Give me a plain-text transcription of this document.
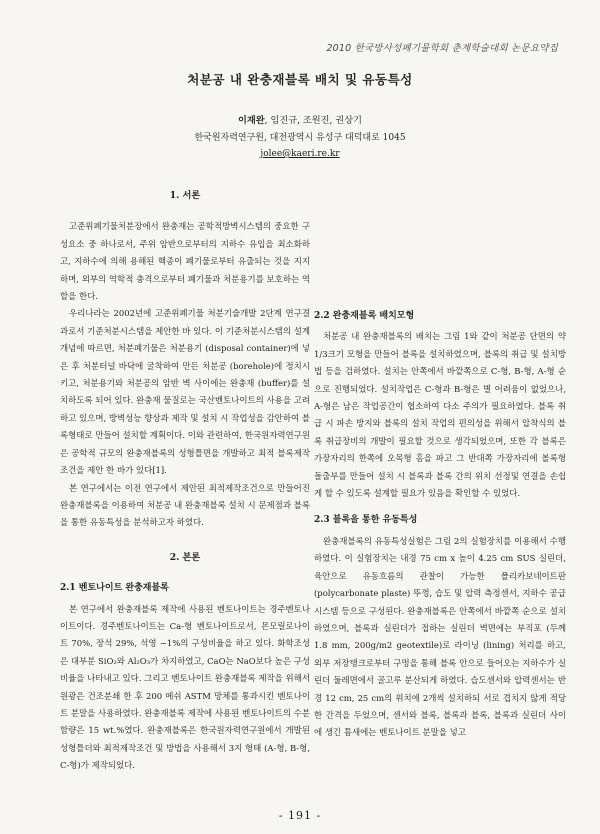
2010 한국방사성폐기물학회 춘계학술대회 논문요약집
처분공 내 완충재블록 배치 및 유동특성
이재완, 임진규, 조원진, 권상기
한국원자력연구원, 대전광역시 유성구 대덕대로 1045
jolee@kaeri.re.kr
1. 서론

고준위폐기물처분장에서 완충재는 공학적방벽시스템의 중요한 구성요소 중 하나로서, 주위 암반으로부터의 지하수 유입을 최소화하고, 지하수에 의해 용해된 핵종이 폐기물로부터 유출되는 것을 지지하며, 외부의 역학적 충격으로부터 폐기물과 처분용기를 보호하는 역할을 한다.

우리나라는 2002년에 고준위폐기물 처분기술개발 2단계 연구결과로서 기준처분시스템을 제안한 바 있다. 이 기준처분시스템의 설계개념에 따르면, 처분폐기물은 처분용기 (disposal container)에 넣은 후 처분터널 바닥에 굴착하여 만든 처분공 (borehole)에 정치시키고, 처분용기와 처분공의 암반 벽 사이에는 완충재 (buffer)를 설치하도록 되어 있다. 완충재 물질로는 국산벤토나이트의 사용을 고려하고 있으며, 방벽성능 향상과 제작 및 설치 시 작업성을 감안하여 블록형태로 만들어 설치할 계획이다. 이와 관련하여, 한국원자력연구원은 공학적 규모의 완충재블록의 성형틀면을 개발하고 최적 블록제작조건을 제안 한 바가 있다[1].

본 연구에서는 이전 연구에서 제안된 최적제작조건으로 만들어진 완충재블록을 이용하여 처분공 내 완충재블록 설치 시 문제점과 블록을 통한 유동특성을 분석하고자 하였다.

2. 본론
2.1 벤토나이트 완충재블록

본 연구에서 완충재블록 제작에 사용된 벤토나이트는 경주벤토나이트이다. 경주벤토나이트는 Ca-형 벤토나이트로서, 몬모릴로나이트 70%, 장석 29%, 석영 ~1%의 구성비율을 하고 있다. 화학조성은 대부분 SiO₂와 Al₂O₃가 차지하였고, CaO는 NaO보다 높은 구성비율을 나타내고 있다. 그리고 벤토나이트 완충재블록 제작을 위해서 원광은 건조분쇄 한 후 200 메쉬 ASTM 망체를 통과시킨 벤토나이트 분말을 사용하였다. 완충재블록 제작에 사용된 벤토나이트의 수분함량은 15 wt.%였다. 완충재블록은 한국원자력연구원에서 개발된 성형틀더와 최적제작조건 및 방법을 사용해서 3지 형태 (A-형, B-형, C-형)가 제작되었다.

2.2 완충재블록 배치모형

처분공 내 완충재블록의 배치는 그림 1와 같이 처분공 단면의 약 1/3크기 모형을 만들어 블록을 설치하였으며, 블록의 취급 및 설치방법 등을 검하였다. 설치는 안쪽에서 바깥쪽으로 C-형, B-형, A-형 순으로 진행되었다. 설치작업은 C-형과 B-형은 별 어려움이 없었으나, A-형은 남은 작업공간이 협소하여 다소 주의가 필요하였다. 블록 취급 시 파손 방지와 블록의 설치 작업의 편의성을 위해서 압착식의 블록 취급장비의 개발이 필요할 것으로 생각되었으며, 또한 각 블록은 가장자리의 한쪽에 오목형 홈을 파고 그 반대쪽 가장자리에 볼록형 돌출부를 만들어 설치 시 블록과 블록 간의 위치 선정및 연결을 손쉽게 할 수 있도록 설계할 필요가 있음을 확인할 수 있었다.

2.3 블록을 통한 유동특성

완충재블록의 유동특성실험은 그림 2의 실험장치를 이용해서 수행하였다. 이 실험장치는 내경 75 cm x 높이 4.25 cm SUS 실린더, 육안으로 유동흐름의 관찰이 가능한 폴리카보네이트판 (polycarbonate plaste) 뚜껑, 습도 및 압력 측정센서, 지하수 공급시스템 등으로 구성된다. 완충재블록은 안쪽에서 바깥쪽 순으로 설치하였으며, 블록과 실린더가 접하는 실린더 벽면에는 부직포 (두께 1.8 mm, 200g/m2 geotextile)로 라이닝 (lining) 처리를 하고, 외부 저장탱크로부터 구멍을 통해 블록 안으로 들어오는 지하수가 실린더 둘레면에서 골고루 분산되게 하였다. 습도센서와 압력센서는 반경 12 cm, 25 cm의 위치에 2개씩 설치하되 서로 겹치지 않게 적당한 간격을 두었으며, 센서와 블록, 블록과 블록, 블록과 실린더 사이에 생긴 틈새에는 벤토나이트 분말을 넣고

- 191 -
